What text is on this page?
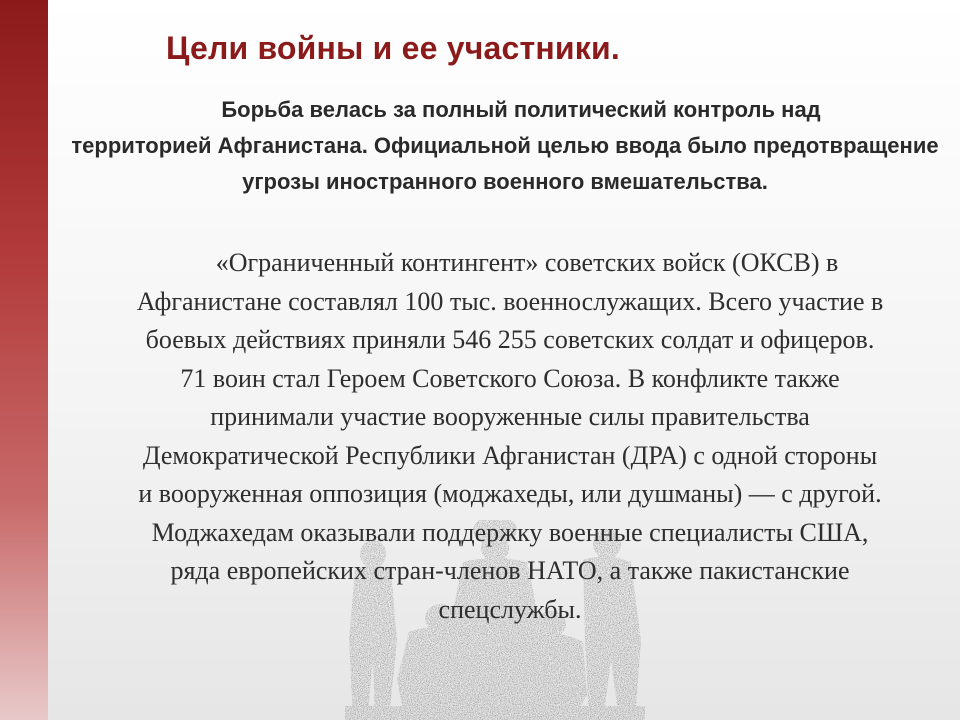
Цели войны и ее участники.
Борьба велась за полный политический контроль над
территорией Афганистана. Официальной целью ввода было предотвращение угрозы иностранного военного вмешательства.
«Ограниченный контингент» советских войск (ОКСВ) в
Афганистане составлял 100 тыс. военнослужащих. Всего участие в
боевых действиях приняли 546 255 советских солдат и офицеров.
71 воин стал Героем Советского Союза. В конфликте также
принимали участие вооруженные силы правительства
Демократической Республики Афганистан (ДРА) с одной стороны
и вооруженная оппозиция (моджахеды, или душманы) — с другой.
Моджахедам оказывали поддержку военные специалисты США,
ряда европейских стран-членов НАТО, а также пакистанские
спецслужбы.
